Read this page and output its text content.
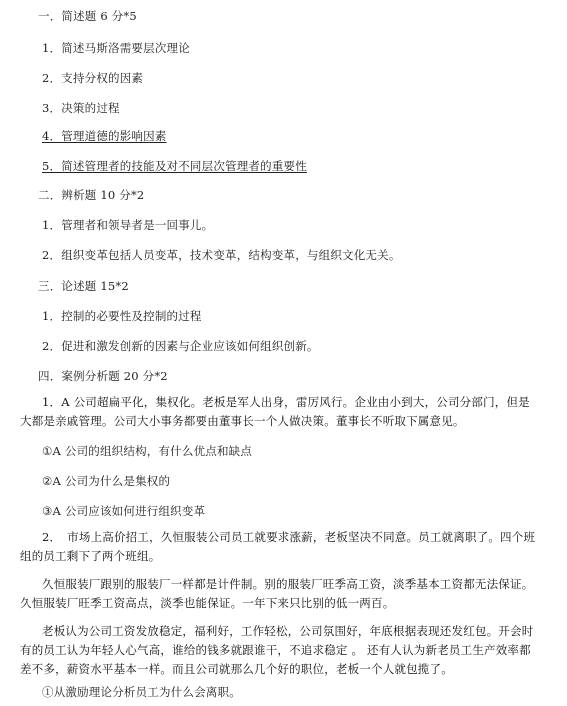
一．简述题 6 分*5
1．简述马斯洛需要层次理论
2．支持分权的因素
3．决策的过程
4．管理道德的影响因素
5．简述管理者的技能及对不同层次管理者的重要性
二．辨析题 10 分*2
1．管理者和领导者是一回事儿。
2．组织变革包括人员变革，技术变革，结构变革，与组织文化无关。
三．论述题 15*2
1．控制的必要性及控制的过程
2．促进和激发创新的因素与企业应该如何组织创新。
四．案例分析题 20 分*2
1．A 公司超扁平化，集权化。老板是军人出身，雷厉风行。企业由小到大，公司分部门，但是大都是亲戚管理。公司大小事务都要由董事长一个人做决策。董事长不听取下属意见。
①A 公司的组织结构，有什么优点和缺点
②A 公司为什么是集权的
③A 公司应该如何进行组织变革
2．　市场上高价招工，久恒服装公司员工就要求涨薪，老板坚决不同意。员工就离职了。四个班组的员工剩下了两个班组。
久恒服装厂跟别的服装厂一样都是计件制。别的服装厂旺季高工资，淡季基本工资都无法保证。久恒服装厂旺季工资高点，淡季也能保证。一年下来只比别的低一两百。
老板认为公司工资发放稳定，福利好，工作轻松，公司氛围好，年底根据表现还发红包。开会时有的员工认为年轻人心气高，谁给的钱多就跟谁干，不追求稳定 。 还有人认为新老员工生产效率都差不多，薪资水平基本一样。而且公司就那么几个好的职位，老板一个人就包揽了。
①从激励理论分析员工为什么会离职。
